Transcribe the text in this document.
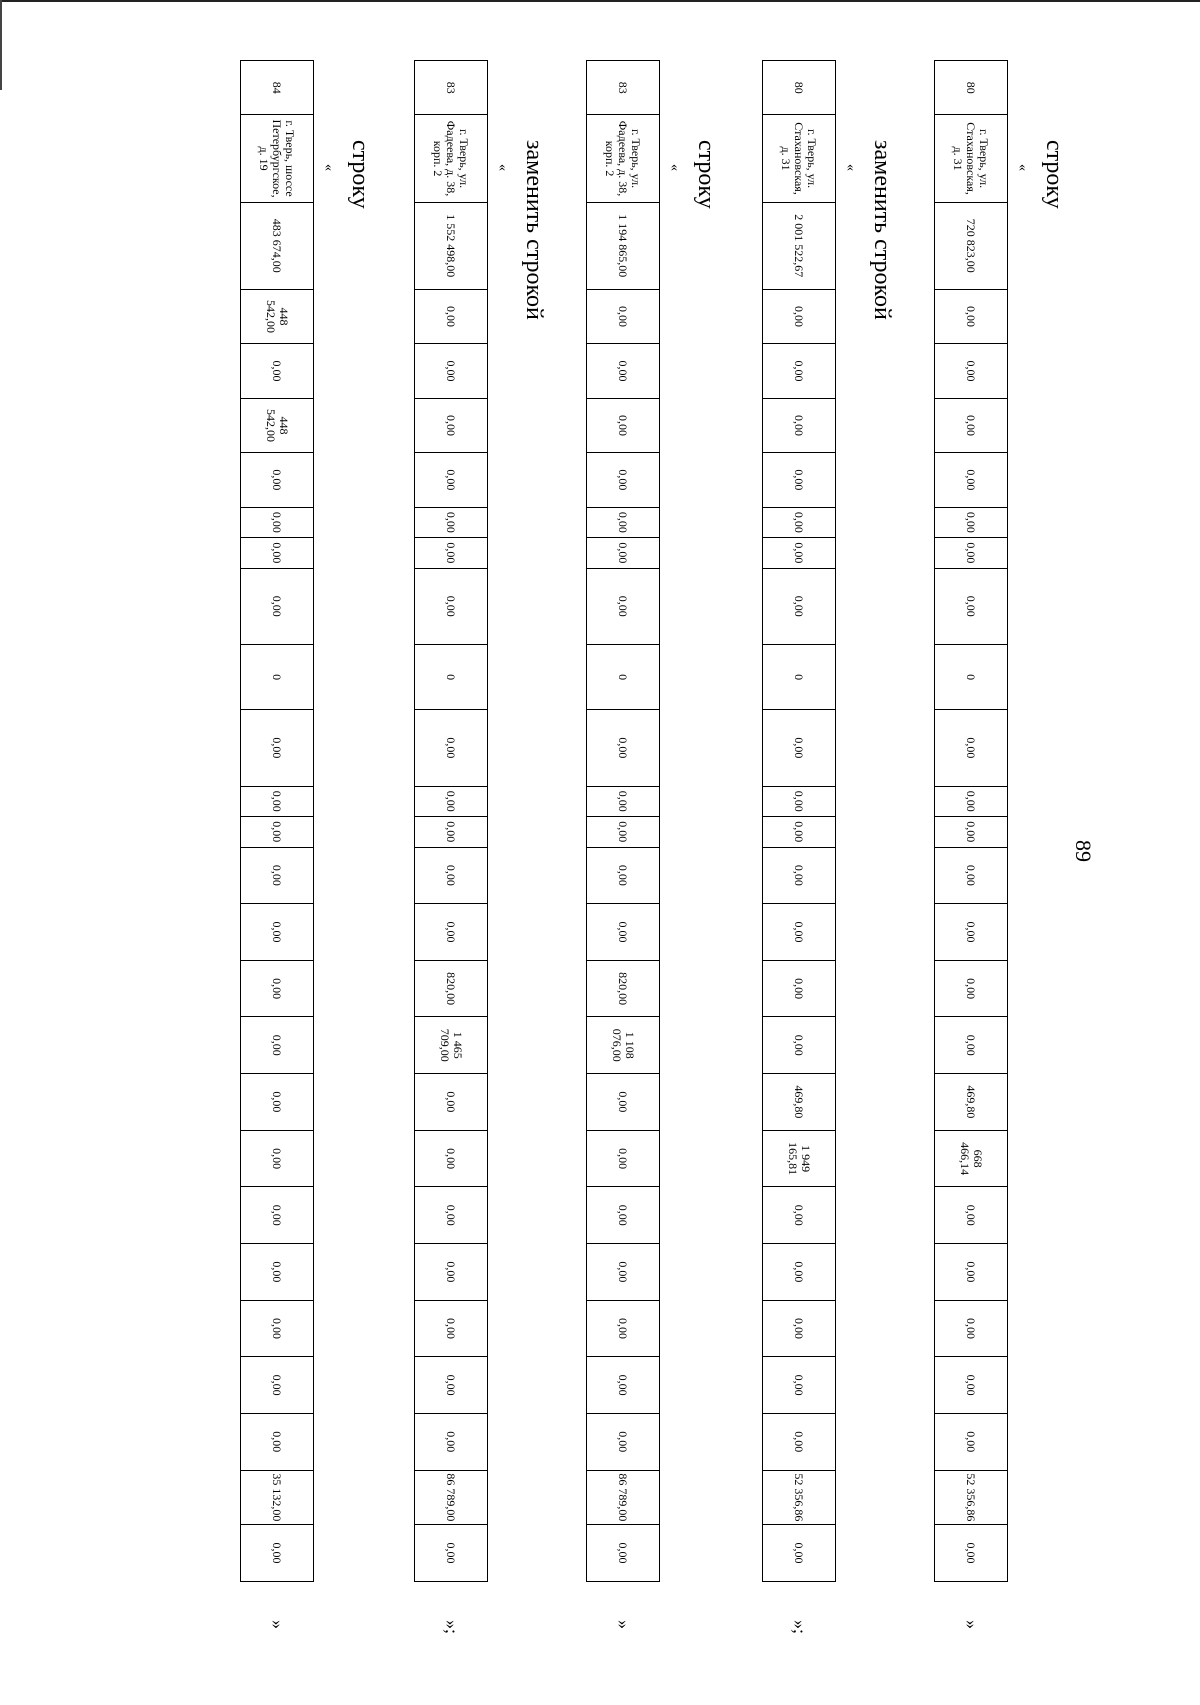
89
строку
«
80	г. Тверь, ул. Стахановская, д. 31	720 823,00	0,00	0,00	0,00	0,00	0,00	0,00	0,00	0	0,00	0,00	0,00	0,00	0,00	0,00	0,00	469,80	668 466,14	0,00	0,00	0,00	0,00	0,00	52 356,86	0,00
»
заменить строкой
«
80	г. Тверь, ул. Стахановская, д. 31	2 001 522,67	0,00	0,00	0,00	0,00	0,00	0,00	0,00	0	0,00	0,00	0,00	0,00	0,00	0,00	0,00	469,80	1 949 165,81	0,00	0,00	0,00	0,00	0,00	52 356,86	0,00
»;
строку
«
83	г. Тверь, ул. Фадеева, д. 38, корп. 2	1 194 865,00	0,00	0,00	0,00	0,00	0,00	0,00	0,00	0	0,00	0,00	0,00	0,00	0,00	820,00	1 108 076,00	0,00	0,00	0,00	0,00	0,00	0,00	0,00	86 789,00	0,00
»
заменить строкой
«
83	г. Тверь, ул. Фадеева, д. 38, корп. 2	1 552 498,00	0,00	0,00	0,00	0,00	0,00	0,00	0,00	0	0,00	0,00	0,00	0,00	0,00	820,00	1 465 709,00	0,00	0,00	0,00	0,00	0,00	0,00	0,00	86 789,00	0,00
»;
строку
«
84	г. Тверь, шоссе Петербургское, д. 19	483 674,00	448 542,00	0,00	448 542,00	0,00	0,00	0,00	0,00	0	0,00	0,00	0,00	0,00	0,00	0,00	0,00	0,00	0,00	0,00	0,00	0,00	0,00	0,00	35 132,00	0,00
»
